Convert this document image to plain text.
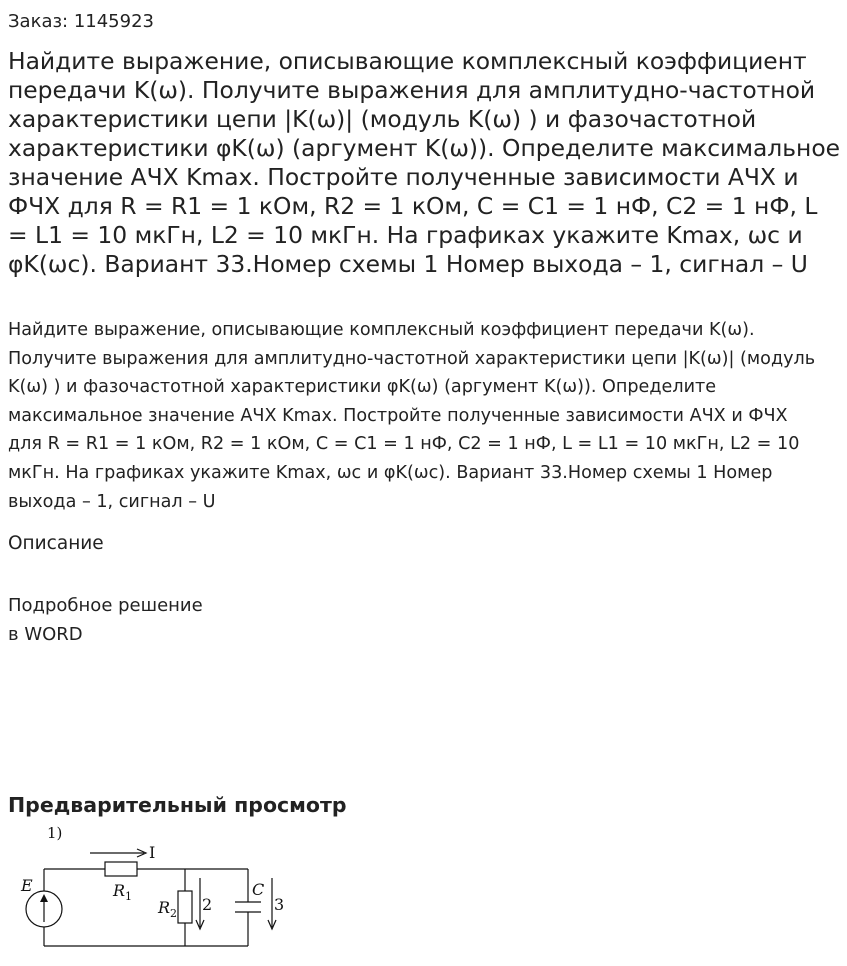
Заказ: 1145923
Найдите выражение, описывающие комплексный коэффициент передачи K(ω). Получите выражения для амплитудно-частотной характеристики цепи |K(ω)| (модуль K(ω) ) и фазочастотной характеристики φK(ω) (аргумент K(ω)). Определите максимальное значение АЧХ Kmax. Постройте полученные зависимости АЧХ и ФЧХ для R = R1 = 1 кОм, R2 = 1 кОм, C = C1 = 1 нФ, C2 = 1 нФ, L = L1 = 10 мкГн, L2 = 10 мкГн. На графиках укажите Kmax, ωc и φK(ωc). Вариант 33.Номер схемы 1 Номер выхода – 1, сигнал – U

Найдите выражение, описывающие комплексный коэффициент передачи K(ω). Получите выражения для амплитудно-частотной характеристики цепи |K(ω)| (модуль K(ω) ) и фазочастотной характеристики φK(ω) (аргумент K(ω)). Определите максимальное значение АЧХ Kmax. Постройте полученные зависимости АЧХ и ФЧХ для R = R1 = 1 кОм, R2 = 1 кОм, C = C1 = 1 нФ, C2 = 1 нФ, L = L1 = 10 мкГн, L2 = 10 мкГн. На графиках укажите Kmax, ωc и φK(ωc). Вариант 33.Номер схемы 1 Номер выхода – 1, сигнал – U

Описание
Подробное решение
в WORD
Предварительный просмотр
1)
E
I
$R_1$
$R_2$ 2
C
3
